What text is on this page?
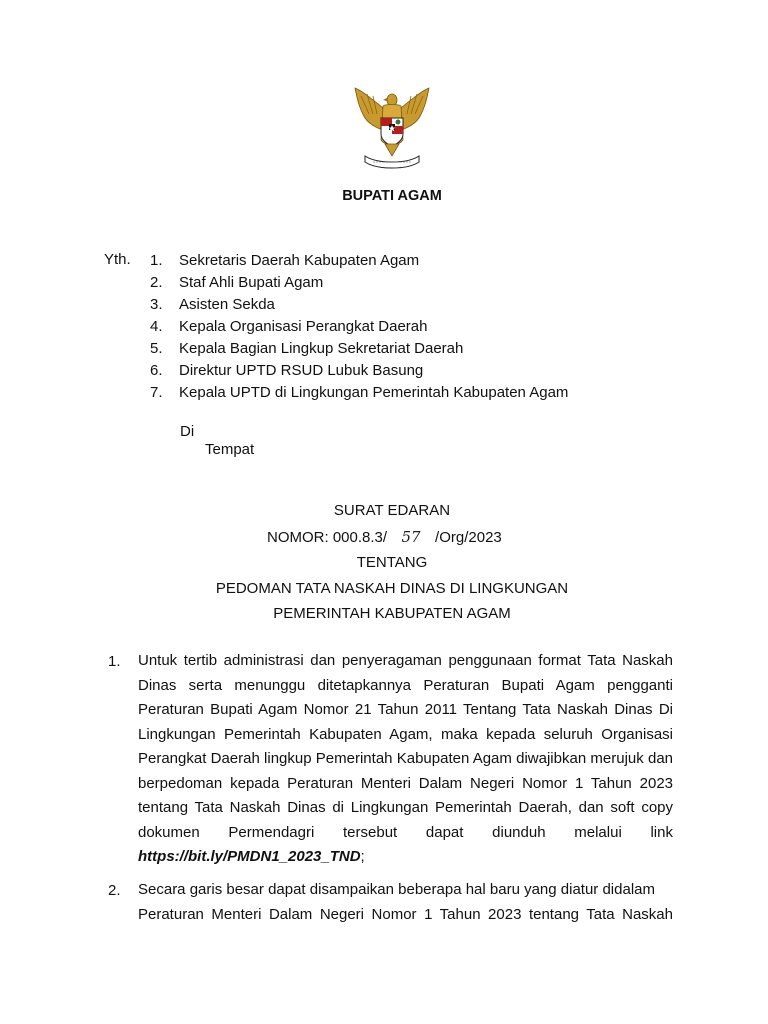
BUPATI AGAM
Yth. 1. Sekretaris Daerah Kabupaten Agam
2. Staf Ahli Bupati Agam
3. Asisten Sekda
4. Kepala Organisasi Perangkat Daerah
5. Kepala Bagian Lingkup Sekretariat Daerah
6. Direktur UPTD RSUD Lubuk Basung
7. Kepala UPTD di Lingkungan Pemerintah Kabupaten Agam
Di
Tempat
SURAT EDARAN
NOMOR: 000.8.3/ 57 /Org/2023
TENTANG
PEDOMAN TATA NASKAH DINAS DI LINGKUNGAN
PEMERINTAH KABUPATEN AGAM
1. Untuk tertib administrasi dan penyeragaman penggunaan format Tata Naskah Dinas serta menunggu ditetapkannya Peraturan Bupati Agam pengganti Peraturan Bupati Agam Nomor 21 Tahun 2011 Tentang Tata Naskah Dinas Di Lingkungan Pemerintah Kabupaten Agam, maka kepada seluruh Organisasi Perangkat Daerah lingkup Pemerintah Kabupaten Agam diwajibkan merujuk dan berpedoman kepada Peraturan Menteri Dalam Negeri Nomor 1 Tahun 2023 tentang Tata Naskah Dinas di Lingkungan Pemerintah Daerah, dan soft copy dokumen Permendagri tersebut dapat diunduh melalui link https://bit.ly/PMDN1_2023_TND;

2. Secara garis besar dapat disampaikan beberapa hal baru yang diatur didalam
Peraturan Menteri Dalam Negeri Nomor 1 Tahun 2023 tentang Tata Naskah
